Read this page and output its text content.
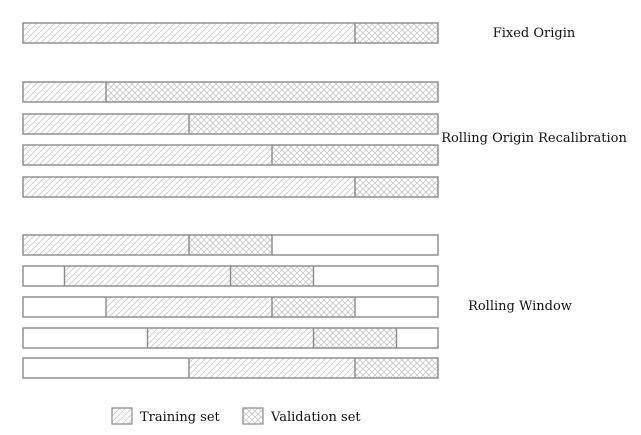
Fixed Origin
Rolling Origin Recalibration
Rolling Window
Training set	Validation set
